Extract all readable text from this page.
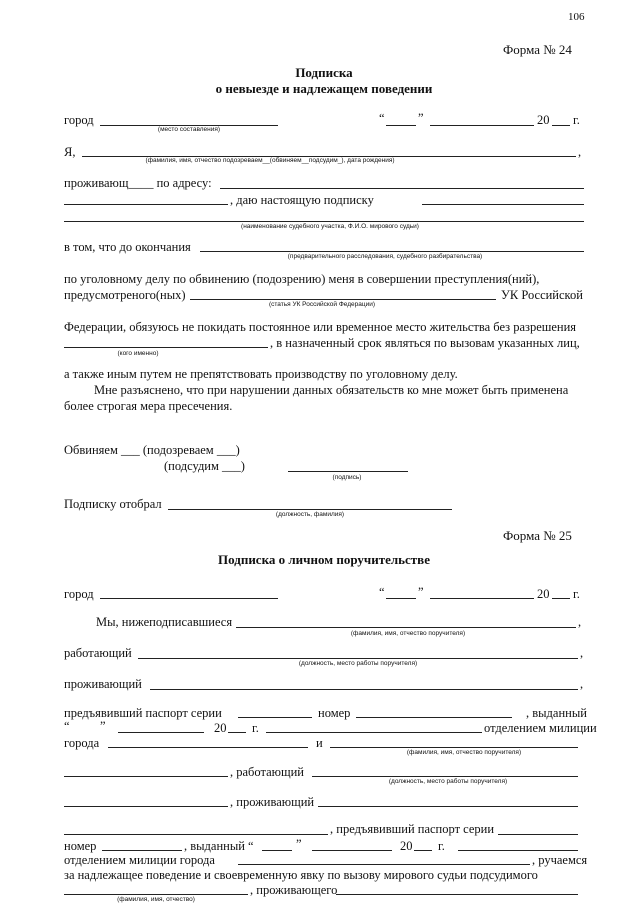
106
Форма № 24
Подписка
о невыезде и надлежащем поведении
город
(место составления)
“	”	20 г.
Я,	,
(фамилия, имя, отчество подозреваем__(обвиняем__подсудим_), дата рождения)
проживающ____ по адресу:
, даю настоящую подписку
(наименование судебного участка, Ф.И.О. мирового судьи)
в том, что до окончания
(предварительного расследования, судебного разбирательства)
по уголовному делу по обвинению (подозрению) меня в совершении преступления(ний),
предусмотреного(ных)
(статья УК Российской Федерации)
УК Российской
Федерации, обязуюсь не покидать постоянное или временное место жительства без разрешения
, в назначенный срок являться по вызовам указанных лиц,
(кого именно)
а также иным путем не препятствовать производству по уголовному делу.
Мне разъяснено, что при нарушении данных обязательств ко мне может быть применена
более строгая мера пресечения.
Обвиняем ___ (подозреваем ___)
(подсудим ___)
(подпись)
Подписку отобрал
(должность, фамилия)
Форма № 25
Подписка о личном поручительстве
город	“	”	20 г.
Мы, нижеподписавшиеся	,
(фамилия, имя, отчество поручителя)
работающий	,
(должность, место работы поручителя)
проживающий	,
предъявивший паспорт серии	номер	, выданный
“ ”	20 г.	отделением милиции
города	и
(фамилия, имя, отчество поручителя)
, работающий
(должность, место работы поручителя)
, проживающий
, предъявивший паспорт серии
номер	, выданный “	”	20 г.
отделением милиции города	, ручаемся
за надлежащее поведение и своевременную явку по вызову мирового судьи подсудимого
, проживающего
(фамилия, имя, отчество)
